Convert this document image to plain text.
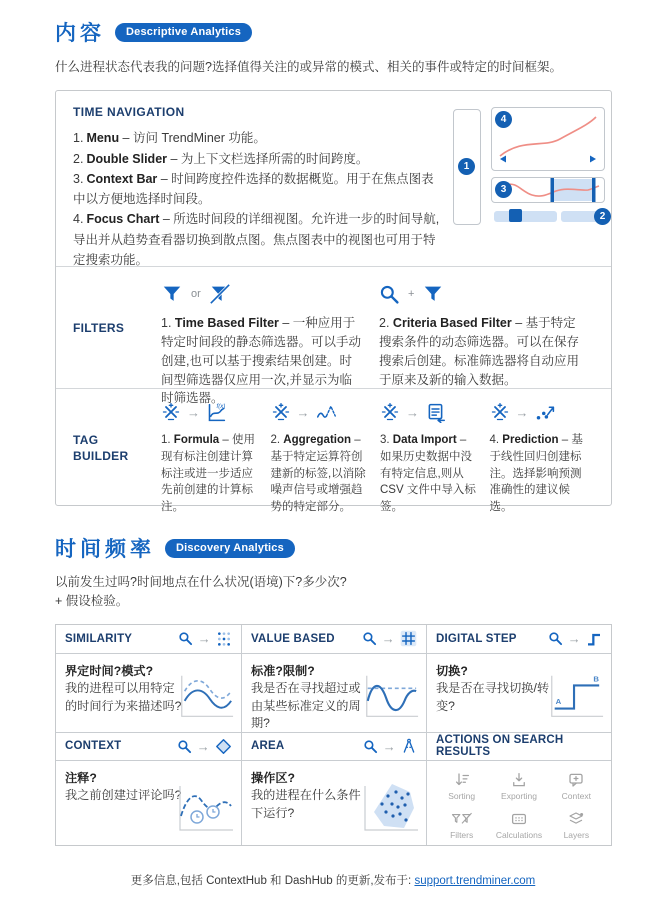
内容	Descriptive Analytics

什么进程状态代表我的问题?选择值得关注的或异常的模式、相关的事件或特定的时间框架。

TIME NAVIGATION
1. Menu – 访问 TrendMiner 功能。
2. Double Slider – 为上下文栏选择所需的时间跨度。
3. Context Bar – 时间跨度控件选择的数据概览。用于在焦点图表中以方便地选择时间段。
4. Focus Chart – 所选时间段的详细视图。允许进一步的时间导航,导出并从趋势查看器切换到散点图。焦点图表中的视图也可用于特定搜索功能。
1
4
3
2
FILTERS
or

1. Time Based Filter – 一种应用于特定时间段的静态筛选器。可以手动创建,也可以基于搜索结果创建。时间型筛选器仅应用一次,并显示为临时筛选器。

+

2. Criteria Based Filter – 基于特定搜索条件的动态筛选器。可以在保存搜索后创建。标准筛选器将自动应用于原来及新的输入数据。

TAG
BUILDER
→ f(x)

1. Formula – 使用现有标注创建计算标注或进一步适应先前创建的计算标注。

→

2. Aggregation – 基于特定运算符创建新的标签,以消除噪声信号或增强趋势的特定部分。

→

3. Data Import – 如果历史数据中没有特定信息,则从 CSV 文件中导入标签。

→

4. Prediction – 基于线性回归创建标注。选择影响预测准确性的建议候选。

时间频率	Discovery Analytics

以前发生过吗?时间地点在什么状况(语境)下?多少次?
+ 假设检验。

SIMILARITY	→	VALUE BASED	→	DIGITAL STEP	→
界定时间?模式?
我的进程可以用特定的时间行为来描述吗?
标准?限制?
我是否在寻找超过或由某些标准定义的周期?
切换?
我是否在寻找切换/转变?	A
B
CONTEXT	→	AREA	→	ACTIONS ON SEARCH RESULTS
注释?
我之前创建过评论吗?
操作区?
我的进程在什么条件下运行?
Sorting	Exporting	Context
Filters	Calculations	Layers
更多信息,包括 ContextHub 和 DashHub 的更新,发布于: support.trendminer.com
